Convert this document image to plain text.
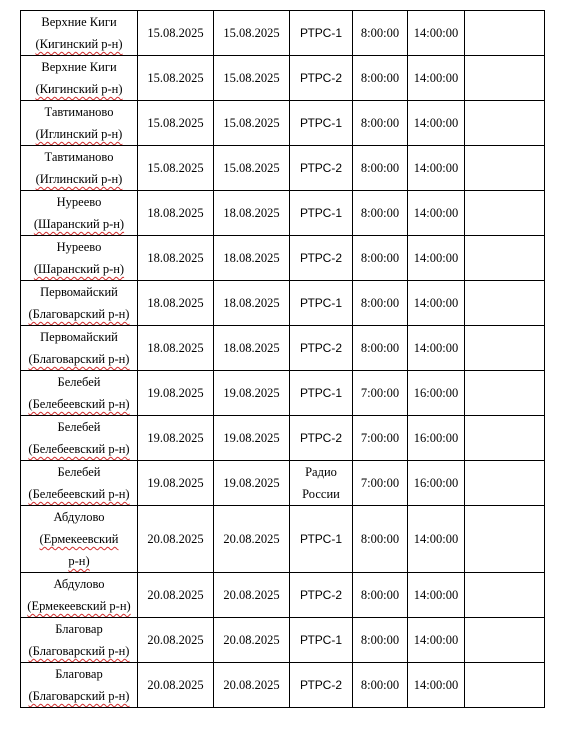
Верхние Киги
(Кигинский р-н)	15.08.2025	15.08.2025	РТРС-1	8:00:00	14:00:00	

Верхние Киги
(Кигинский р-н)	15.08.2025	15.08.2025	РТРС-2	8:00:00	14:00:00	

Тавтиманово
(Иглинский р-н)	15.08.2025	15.08.2025	РТРС-1	8:00:00	14:00:00	

Тавтиманово
(Иглинский р-н)	15.08.2025	15.08.2025	РТРС-2	8:00:00	14:00:00	

Нуреево
(Шаранский р-н)	18.08.2025	18.08.2025	РТРС-1	8:00:00	14:00:00	

Нуреево
(Шаранский р-н)	18.08.2025	18.08.2025	РТРС-2	8:00:00	14:00:00	

Первомайский
(Благоварский р-н)	18.08.2025	18.08.2025	РТРС-1	8:00:00	14:00:00	

Первомайский
(Благоварский р-н)	18.08.2025	18.08.2025	РТРС-2	8:00:00	14:00:00	

Белебей
(Белебеевский р-н)	19.08.2025	19.08.2025	РТРС-1	7:00:00	16:00:00	

Белебей
(Белебеевский р-н)	19.08.2025	19.08.2025	РТРС-2	7:00:00	16:00:00	

Белебей
(Белебеевский р-н)	19.08.2025	19.08.2025	Радио
России	7:00:00	16:00:00	

Абдулово
(Ермекеевский
р-н)	20.08.2025	20.08.2025	РТРС-1	8:00:00	14:00:00	

Абдулово
(Ермекеевский р-н)	20.08.2025	20.08.2025	РТРС-2	8:00:00	14:00:00	

Благовар
(Благоварский р-н)	20.08.2025	20.08.2025	РТРС-1	8:00:00	14:00:00	

Благовар
(Благоварский р-н)	20.08.2025	20.08.2025	РТРС-2	8:00:00	14:00:00	
